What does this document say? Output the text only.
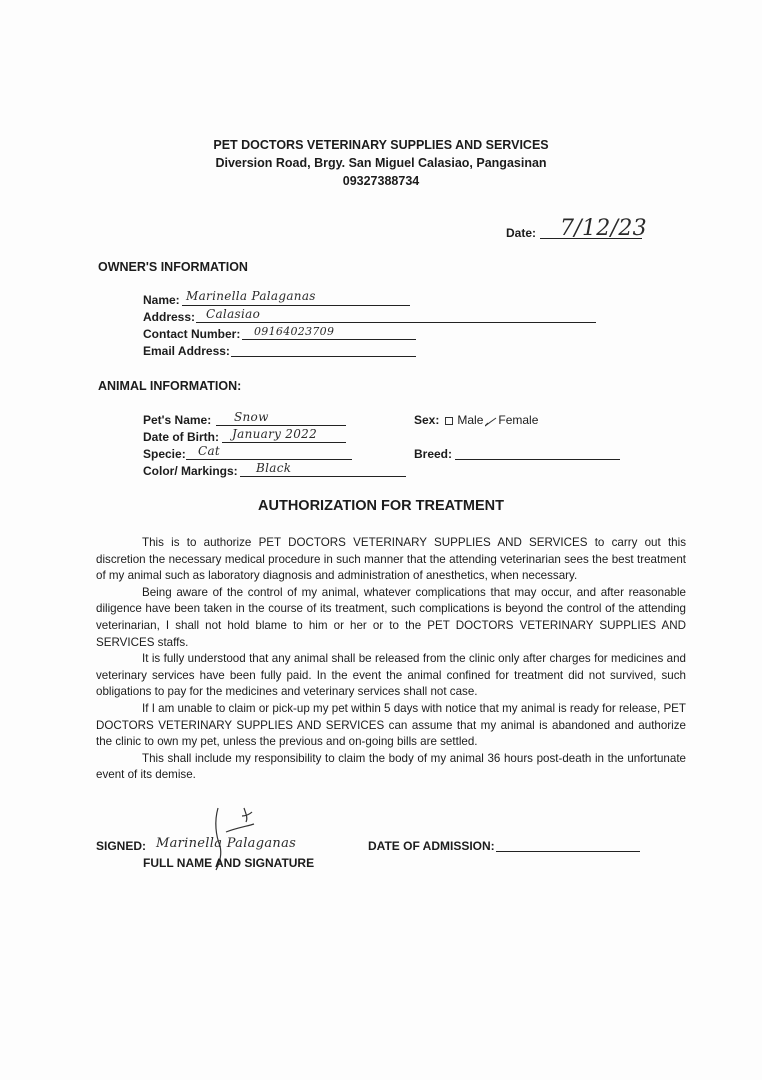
PET DOCTORS VETERINARY SUPPLIES AND SERVICES
Diversion Road, Brgy. San Miguel Calasiao, Pangasinan
09327388734
Date: 7/12/23
OWNER'S INFORMATION
Name: Marinella Palaganas
Address: Calasiao
Contact Number: 09164023709
Email Address:
ANIMAL INFORMATION:
Pet's Name: Snow
Date of Birth: January 2022
Specie: Cat
Color/ Markings: Black
Sex: Male Female
Breed:
AUTHORIZATION FOR TREATMENT

This is to authorize PET DOCTORS VETERINARY SUPPLIES AND SERVICES to carry out this discretion the necessary medical procedure in such manner that the attending veterinarian sees the best treatment of my animal such as laboratory diagnosis and administration of anesthetics, when necessary.

Being aware of the control of my animal, whatever complications that may occur, and after reasonable diligence have been taken in the course of its treatment, such complications is beyond the control of the attending veterinarian, I shall not hold blame to him or her or to the PET DOCTORS VETERINARY SUPPLIES AND SERVICES staffs.

It is fully understood that any animal shall be released from the clinic only after charges for medicines and veterinary services have been fully paid. In the event the animal confined for treatment did not survived, such obligations to pay for the medicines and veterinary services shall not case.

If I am unable to claim or pick-up my pet within 5 days with notice that my animal is ready for release, PET DOCTORS VETERINARY SUPPLIES AND SERVICES can assume that my animal is abandoned and authorize the clinic to own my pet, unless the previous and on-going bills are settled.

This shall include my responsibility to claim the body of my animal 36 hours post-death in the unfortunate event of its demise.

SIGNED: Marinella Palaganas
FULL NAME AND SIGNATURE
DATE OF ADMISSION:
